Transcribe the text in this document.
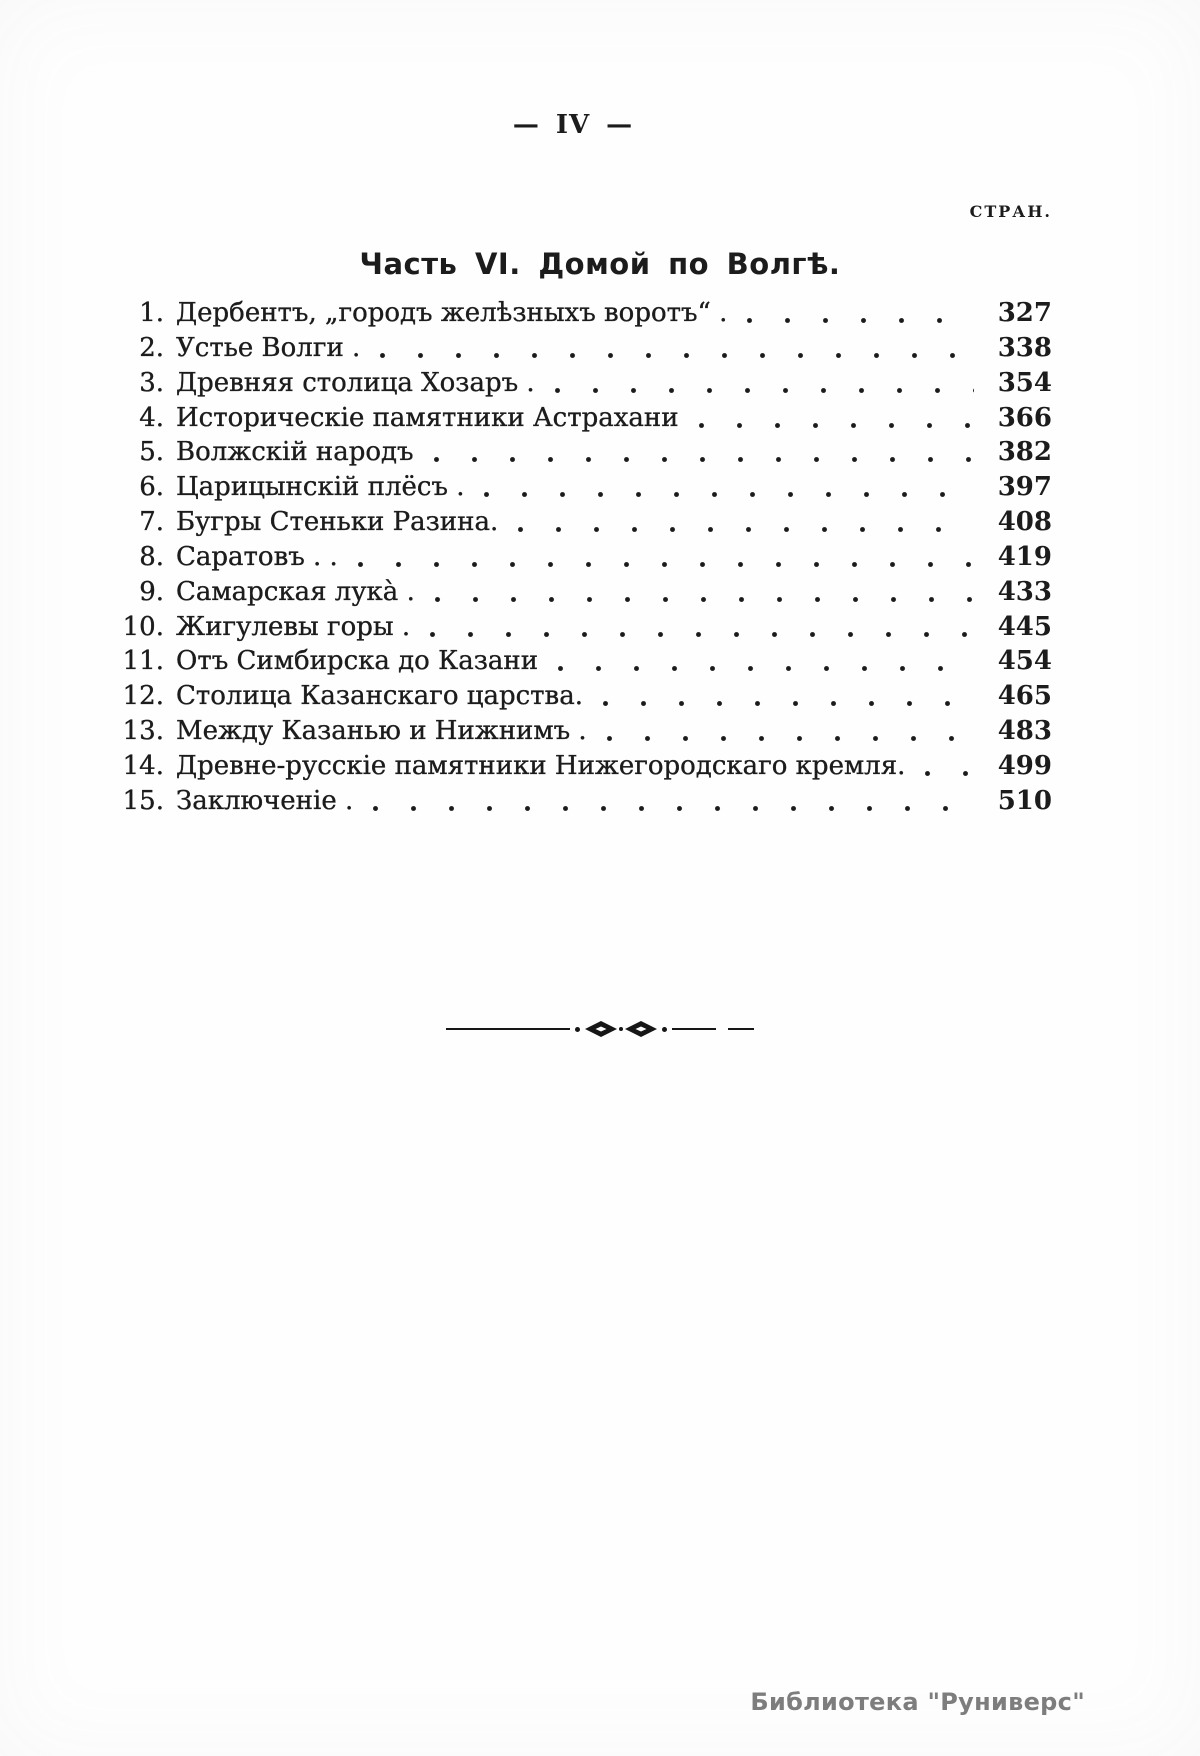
— IV —
СТРАН.
Часть VI. Домой по Волгѣ.
1. Дербентъ, „городъ желѣзныхъ воротъ“ .	327
2. Устье Волги .	338
3. Древняя столица Хозаръ .	354
4. Историческіе памятники Астрахани	366
5. Волжскій народъ	382
6. Царицынскій плёсъ .	397
7. Бугры Стеньки Разина.	408
8. Саратовъ . .	419
9. Самарская лука̀ .	433
10. Жигулевы горы .	445
11. Отъ Симбирска до Казани	454
12. Столица Казанскаго царства.	465
13. Между Казанью и Нижнимъ .	483
14. Древне-русскіе памятники Нижегородскаго кремля.	499
15. Заключеніе .	510
Библиотека "Руниверс"
